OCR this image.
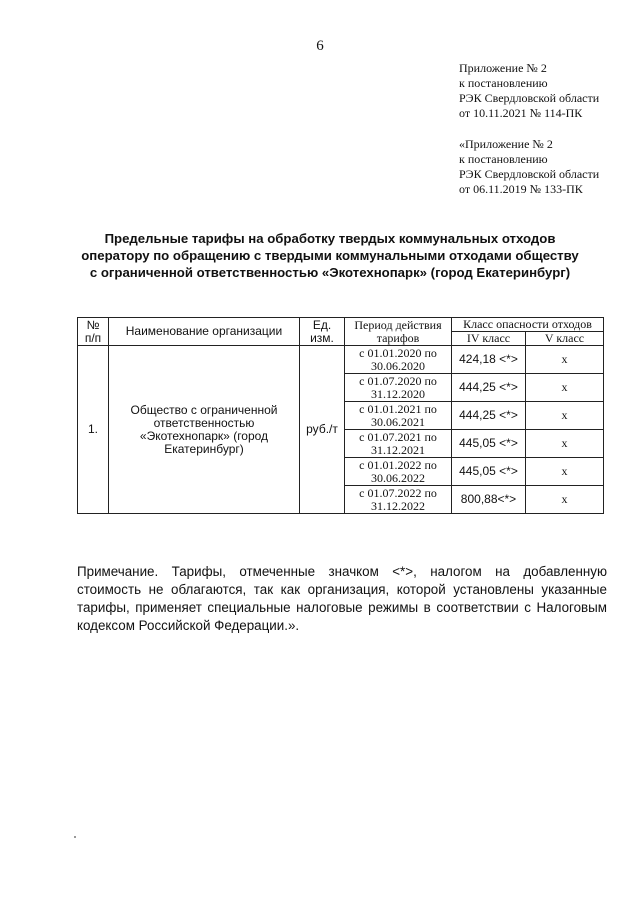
6
Приложение № 2
к постановлению
РЭК Свердловской области
от 10.11.2021 № 114-ПК
«Приложение № 2
к постановлению
РЭК Свердловской области
от 06.11.2019 № 133-ПК
Предельные тарифы на обработку твердых коммунальных отходов
оператору по обращению с твердыми коммунальными отходами обществу
с ограниченной ответственностью «Экотехнопарк» (город Екатеринбург)
№ п/п	Наименование организации	Ед. изм.	Период действия тарифов	Класс опасности отходов	
				IV класс	V класс
1.	Общество с ограниченной ответственностью «Экотехнопарк» (город Екатеринбург)	руб./т	с 01.01.2020 по 30.06.2020	424,18 <*>	x
			с 01.07.2020 по 31.12.2020	444,25 <*>	x
			с 01.01.2021 по 30.06.2021	444,25 <*>	x
			с 01.07.2021 по 31.12.2021	445,05 <*>	x
			с 01.01.2022 по 30.06.2022	445,05 <*>	x
			с 01.07.2022 по 31.12.2022	800,88<*>	x
Примечание. Тарифы, отмеченные значком <*>, налогом на добавленную стоимость не облагаются, так как организация, которой установлены указанные тарифы, применяет специальные налоговые режимы в соответствии с Налоговым кодексом Российской Федерации.».
